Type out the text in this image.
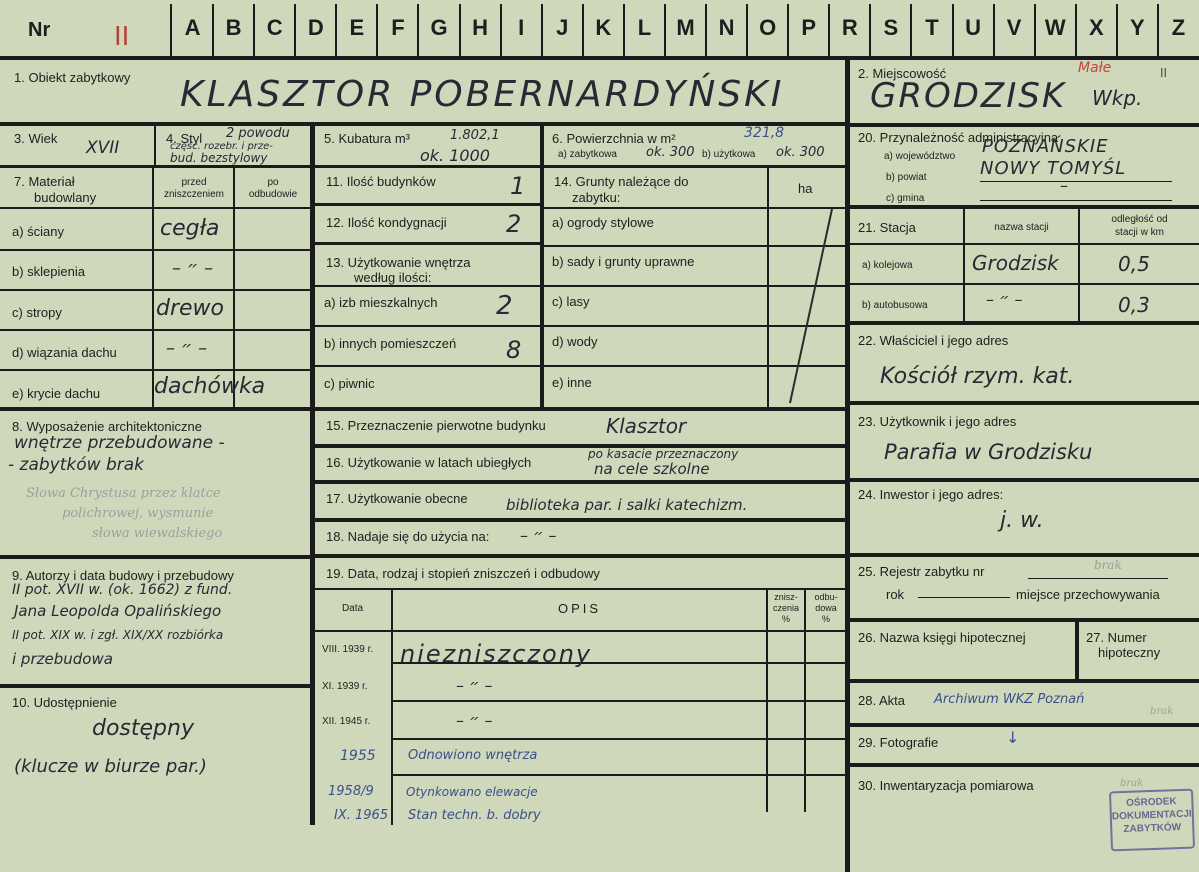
A	B	C	D	E	F	G	H	I	J	K	L	M	N	O	P	R	S	T	U	V	W	X	Y	Z
Nr II
1. Obiekt zabytkowy KLASZTOR POBERNARDYŃSKI
3. Wiek XVII	4. Styl 2 powodu
częśc. rozebr. i prze-
bud. bezstylowy
5. Kubatura m³	1.802,1
ok. 1000
6. Powierzchnia w m²	321,8
a) zabytkowa ok. 300 b) użytkowa ok. 300
7. Materiał
budowlany
przed
zniszczeniem
po
odbudowie
a) ściany	cegła
b) sklepienia	– ״ –
c) stropy	drewo
d) wiązania dachu	– ״ –
e) krycie dachu dachówka
11. Ilość budynków	1
12. Ilość kondygnacji 2
13. Użytkowanie wnętrza
według ilości:
a) izb mieszkalnych 2
b) innych pomieszczeń 8
c) piwnic
14. Grunty należące do
zabytku:
ha
a) ogrody stylowe
b) sady i grunty uprawne
c) lasy
d) wody
e) inne
8. Wyposażenie architektoniczne
wnętrze przebudowane -
- zabytków brak
Słowa Chrystusa przez klatce
polichrowej, wysmunie
słowa wiewalskiego
9. Autorzy i data budowy i przebudowy
II pot. XVII w. (ok. 1662) z fund.
Jana Leopolda Opalińskiego
II pot. XIX w. i zgł. XIX/XX rozbiórka
i przebudowa
10. Udostępnienie
dostępny
(klucze w biurze par.)
15. Przeznaczenie pierwotne budynku	Klasztor
16. Użytkowanie w latach ubiegłych
po kasacie przeznaczony
na cele szkolne
17. Użytkowanie obecne	biblioteka par. i salki katechizm.
18. Nadaje się do użycia na: – ״ –
19. Data, rodzaj i stopień zniszczeń i odbudowy
Data	OPIS
znisz-
czenia
%
odbu-
dowa
%
VIII. 1939 r. niezniszczony
XI. 1939 r.	– ״ –
XII. 1945 r.	– ״ –
1955 Odnowiono wnętrza
1958/9	Otynkowano elewacje
IX. 1965 Stan techn. b. dobry
2. Miejscowość
GRODZISK Wkp.
Małe	II
20. Przynależność administracyjna
a) województwo POZNAŃSKIE
b) powiat	NOWY TOMYŚL
c) gmina
–
21. Stacja	nazwa stacji
odległość od
stacji w km
a) kolejowa	Grodzisk	0,5
b) autobusowa	– ״ –	0,3
22. Właściciel i jego adres
Kościół rzym. kat.
23. Użytkownik i jego adres
Parafia w Grodzisku
24. Inwestor i jego adres:
j. w.
25. Rejestr zabytku nr	brak
rok	miejsce przechowywania
26. Nazwa księgi hipotecznej	27. Numer
hipoteczny
28. Akta Archiwum WKZ Poznań
brak
29. Fotografie	↓
30. Inwentaryzacja pomiarowa	brak
OŚRODEK
DOKUMENTACJI
ZABYTKÓW
